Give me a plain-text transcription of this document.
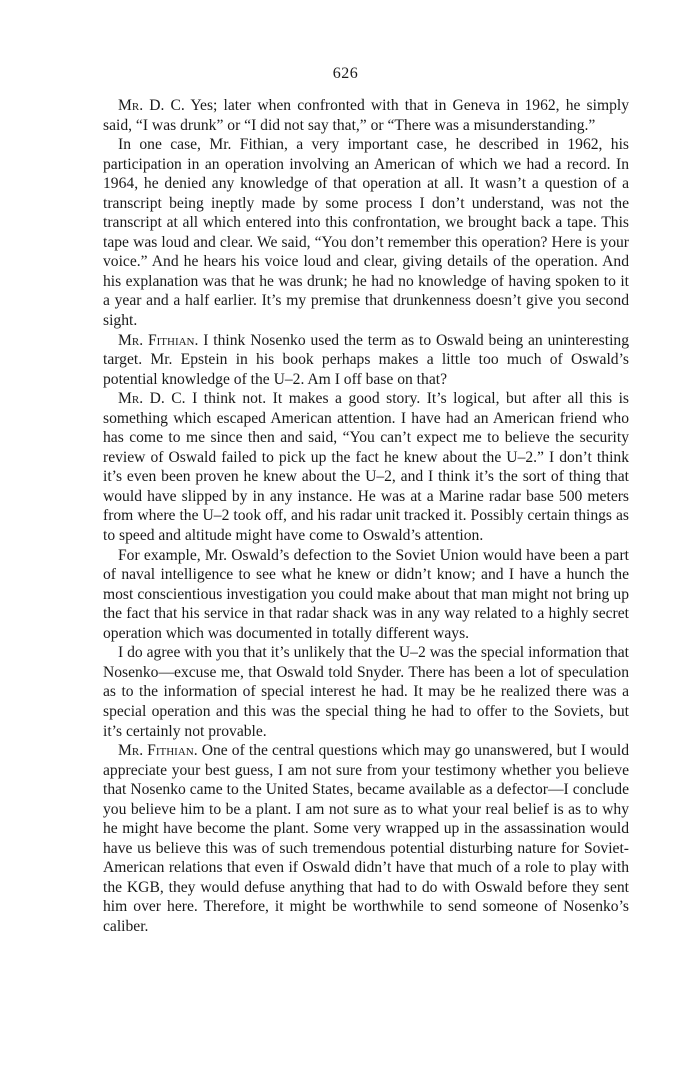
626

Mr. D. C. Yes; later when confronted with that in Geneva in 1962, he simply said, “I was drunk” or “I did not say that,” or “There was a misunderstanding.”

In one case, Mr. Fithian, a very important case, he described in 1962, his participation in an operation involving an American of which we had a record. In 1964, he denied any knowledge of that operation at all. It wasn’t a question of a transcript being ineptly made by some process I don’t understand, was not the transcript at all which entered into this confrontation, we brought back a tape. This tape was loud and clear. We said, “You don’t remember this operation? Here is your voice.” And he hears his voice loud and clear, giving details of the operation. And his explanation was that he was drunk; he had no knowledge of having spoken to it a year and a half earlier. It’s my premise that drunkenness doesn’t give you second sight.

Mr. Fithian. I think Nosenko used the term as to Oswald being an uninteresting target. Mr. Epstein in his book perhaps makes a little too much of Oswald’s potential knowledge of the U–2. Am I off base on that?

Mr. D. C. I think not. It makes a good story. It’s logical, but after all this is something which escaped American attention. I have had an American friend who has come to me since then and said, “You can’t expect me to believe the security review of Oswald failed to pick up the fact he knew about the U–2.” I don’t think it’s even been proven he knew about the U–2, and I think it’s the sort of thing that would have slipped by in any instance. He was at a Marine radar base 500 meters from where the U–2 took off, and his radar unit tracked it. Possibly certain things as to speed and altitude might have come to Oswald’s attention.

For example, Mr. Oswald’s defection to the Soviet Union would have been a part of naval intelligence to see what he knew or didn’t know; and I have a hunch the most conscientious investigation you could make about that man might not bring up the fact that his service in that radar shack was in any way related to a highly secret operation which was documented in totally different ways.

I do agree with you that it’s unlikely that the U–2 was the special information that Nosenko—excuse me, that Oswald told Snyder. There has been a lot of speculation as to the information of special interest he had. It may be he realized there was a special operation and this was the special thing he had to offer to the Soviets, but it’s certainly not provable.

Mr. Fithian. One of the central questions which may go unanswered, but I would appreciate your best guess, I am not sure from your testimony whether you believe that Nosenko came to the United States, became available as a defector—I conclude you believe him to be a plant. I am not sure as to what your real belief is as to why he might have become the plant. Some very wrapped up in the assassination would have us believe this was of such tremendous potential disturbing nature for Soviet-American relations that even if Oswald didn’t have that much of a role to play with the KGB, they would defuse anything that had to do with Oswald before they sent him over here. Therefore, it might be worthwhile to send someone of Nosenko’s caliber.
